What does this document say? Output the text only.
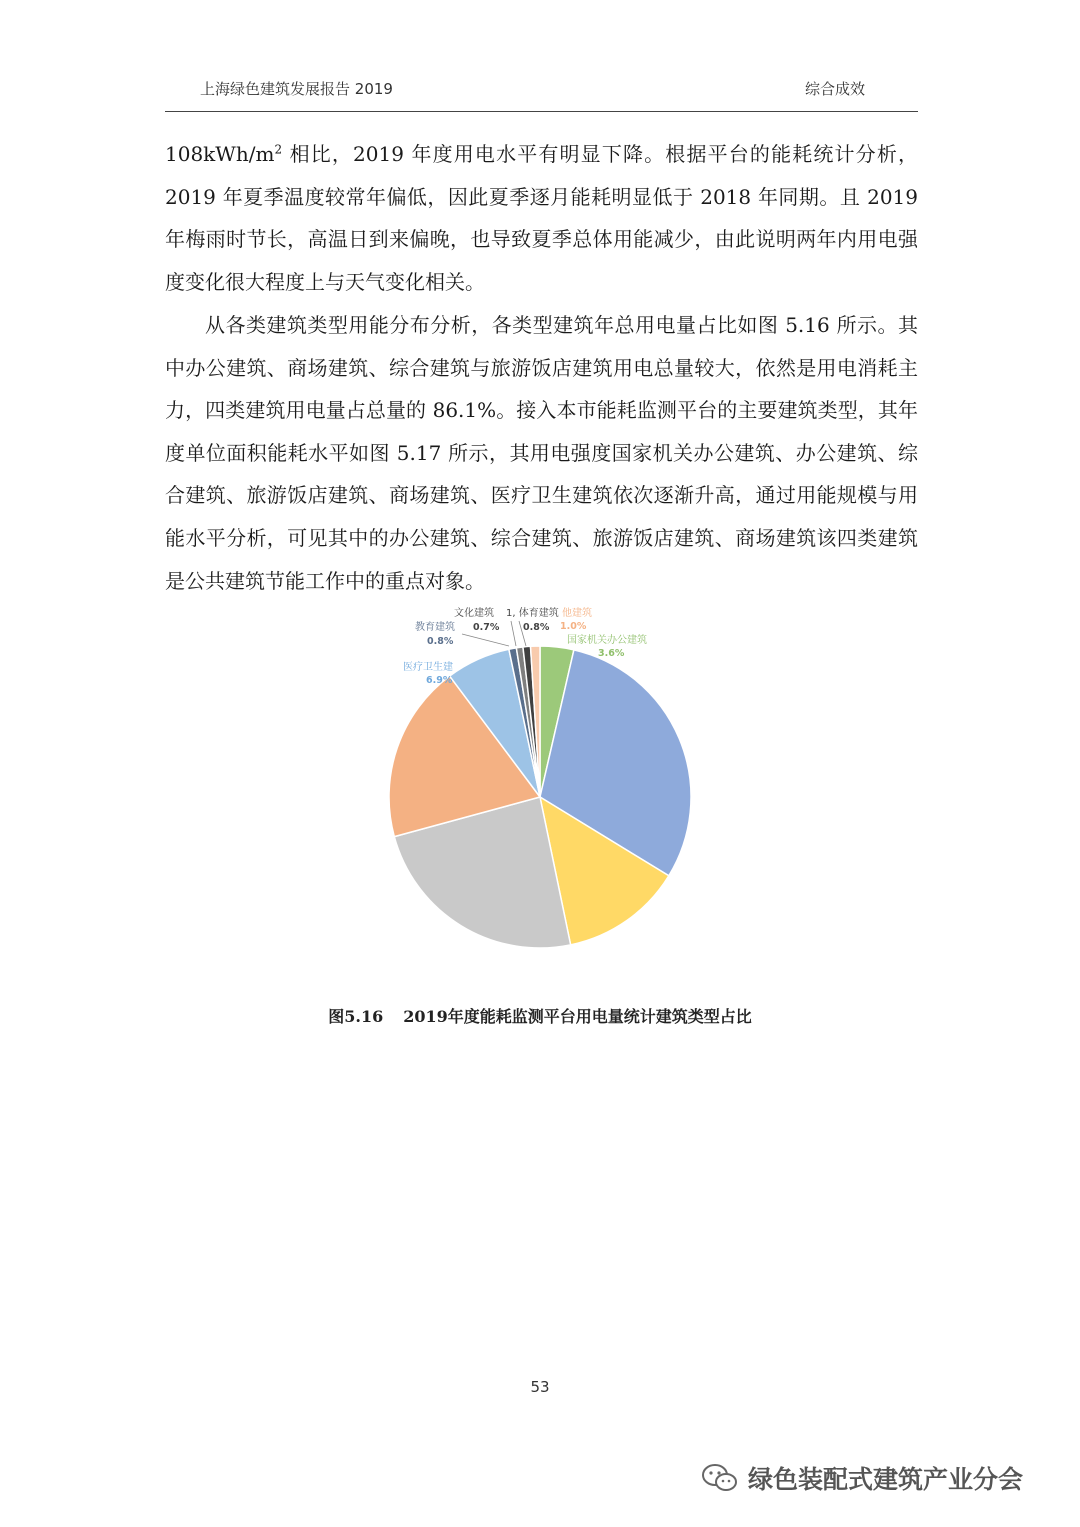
上海绿色建筑发展报告 2019	综合成效

$108kWh/m^2$ 相比，2019 年度用电水平有明显下降。根据平台的能耗统计分析，2019 年夏季温度较常年偏低，因此夏季逐月能耗明显低于 2018 年同期。且 2019 年梅雨时节长，高温日到来偏晚，也导致夏季总体用能减少，由此说明两年内用电强度变化很大程度上与天气变化相关。

从各类建筑类型用能分布分析，各类型建筑年总用电量占比如图 5.16 所示。其中办公建筑、商场建筑、综合建筑与旅游饭店建筑用电总量较大，依然是用电消耗主力，四类建筑用电量占总量的 86.1%。接入本市能耗监测平台的主要建筑类型，其年度单位面积能耗水平如图 5.17 所示，其用电强度国家机关办公建筑、办公建筑、综合建筑、旅游饭店建筑、商场建筑、医疗卫生建筑依次逐渐升高，通过用能规模与用能水平分析，可见其中的办公建筑、综合建筑、旅游饭店建筑、商场建筑该四类建筑是公共建筑节能工作中的重点对象。

文化建筑
0.7%
1, 体育建筑
0.8%
教育建筑
0.8%
他建筑
1.0%
国家机关办公建筑
3.6%
医疗卫生建
6.9%
图5.16 2019年度能耗监测平台用电量统计建筑类型占比
53
绿色装配式建筑产业分会
